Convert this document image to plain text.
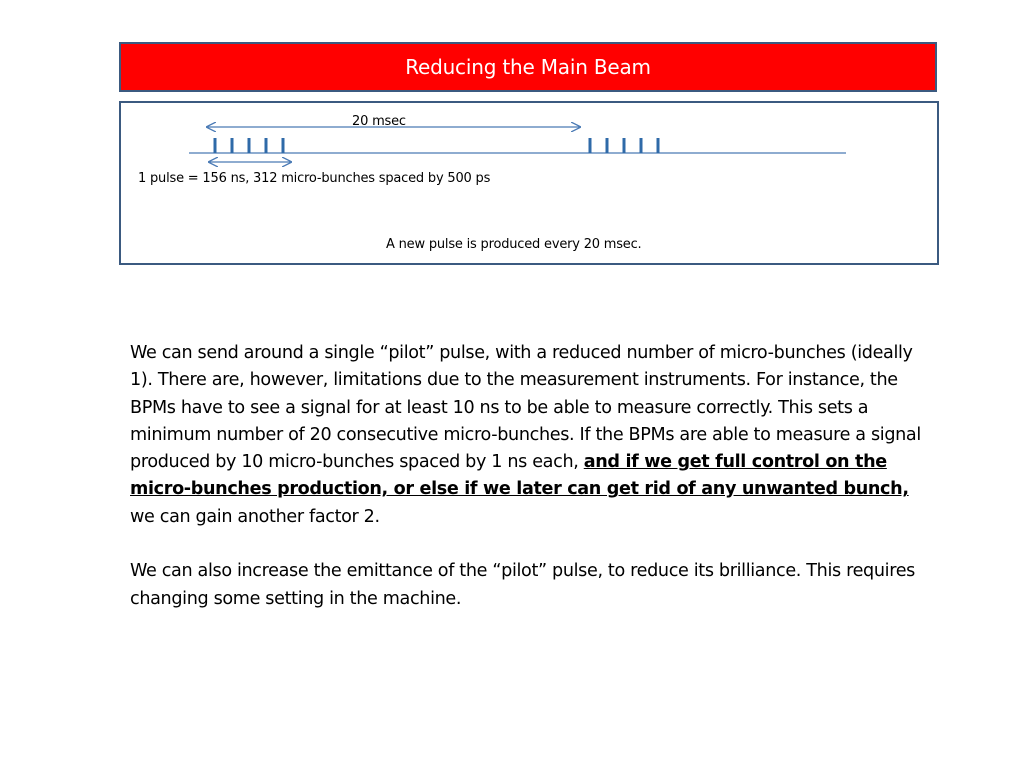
Reducing the Main Beam
20 msec
1 pulse = 156 ns, 312 micro-bunches spaced by 500 ps
A new pulse is produced every 20 msec.

We can send around a single “pilot” pulse, with a reduced number of micro-bunches (ideally 1). There are, however, limitations due to the measurement instruments. For instance, the BPMs have to see a signal for at least 10 ns to be able to measure correctly. This sets a minimum number of 20 consecutive micro-bunches. If the BPMs are able to measure a signal produced by 10 micro-bunches spaced by 1 ns each, and if we get full control on the micro-bunches production, or else if we later can get rid of any unwanted bunch, we can gain another factor 2.

We can also increase the emittance of the “pilot” pulse, to reduce its brilliance. This requires changing some setting in the machine.
